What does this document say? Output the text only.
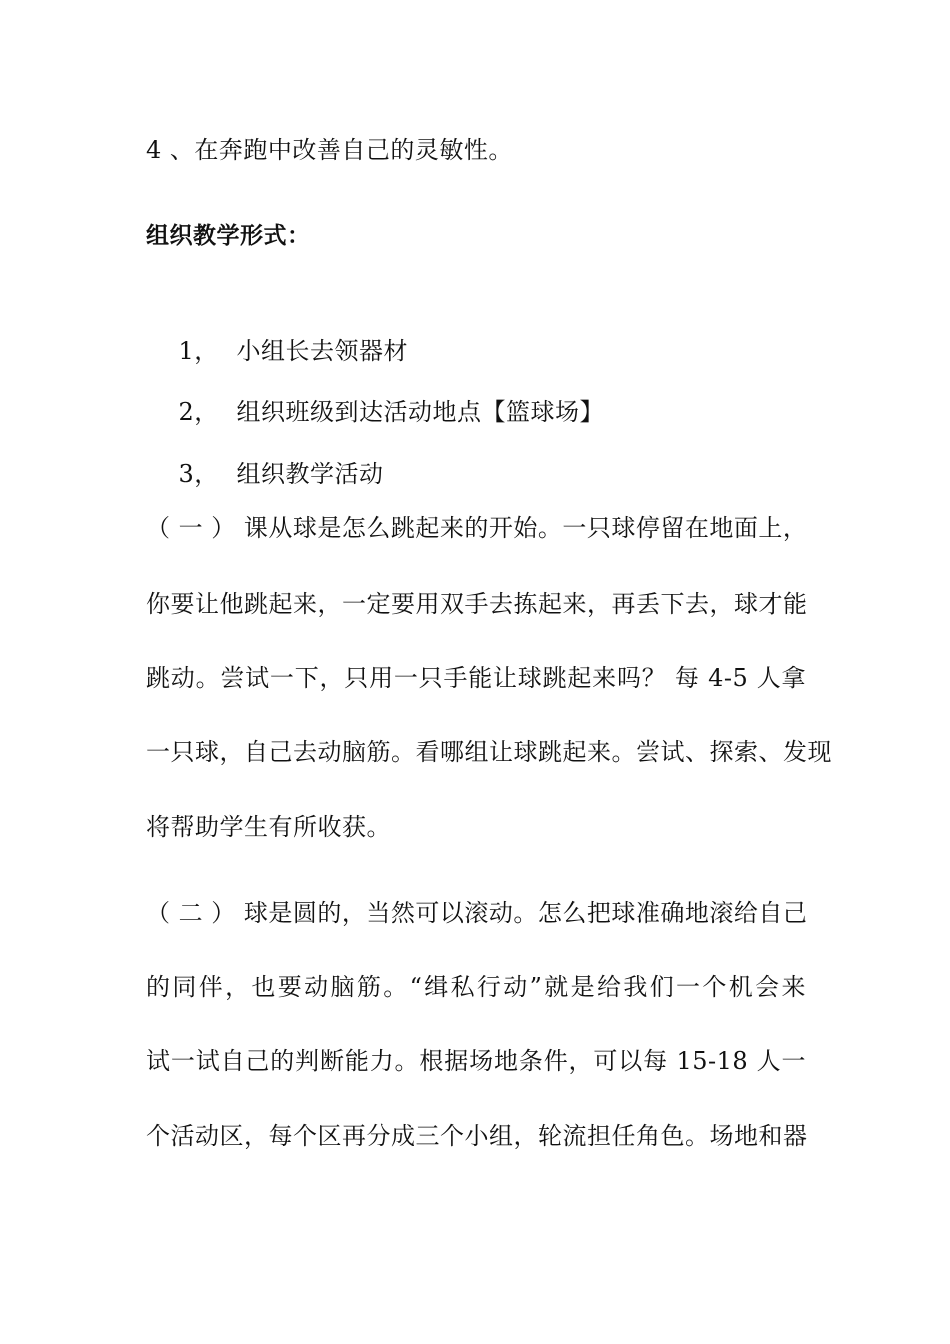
4 、在奔跑中改善自己的灵敏性。
组织教学形式：

1， 小组长去领器材

2， 组织班级到达活动地点【篮球场】

3， 组织教学活动

（ 一 ） 课从球是怎么跳起来的开始。一只球停留在地面上，
你要让他跳起来，一定要用双手去拣起来，再丢下去，球才能
跳动。尝试一下，只用一只手能让球跳起来吗？ 每 4-5 人拿
一只球，自己去动脑筋。看哪组让球跳起来。尝试、探索、发现
将帮助学生有所收获。
（ 二 ） 球是圆的，当然可以滚动。怎么把球准确地滚给自己
的同伴，也要动脑筋。“缉私行动”就是给我们一个机会来
试一试自己的判断能力。根据场地条件，可以每 15-18 人一
个活动区，每个区再分成三个小组，轮流担任角色。场地和器
